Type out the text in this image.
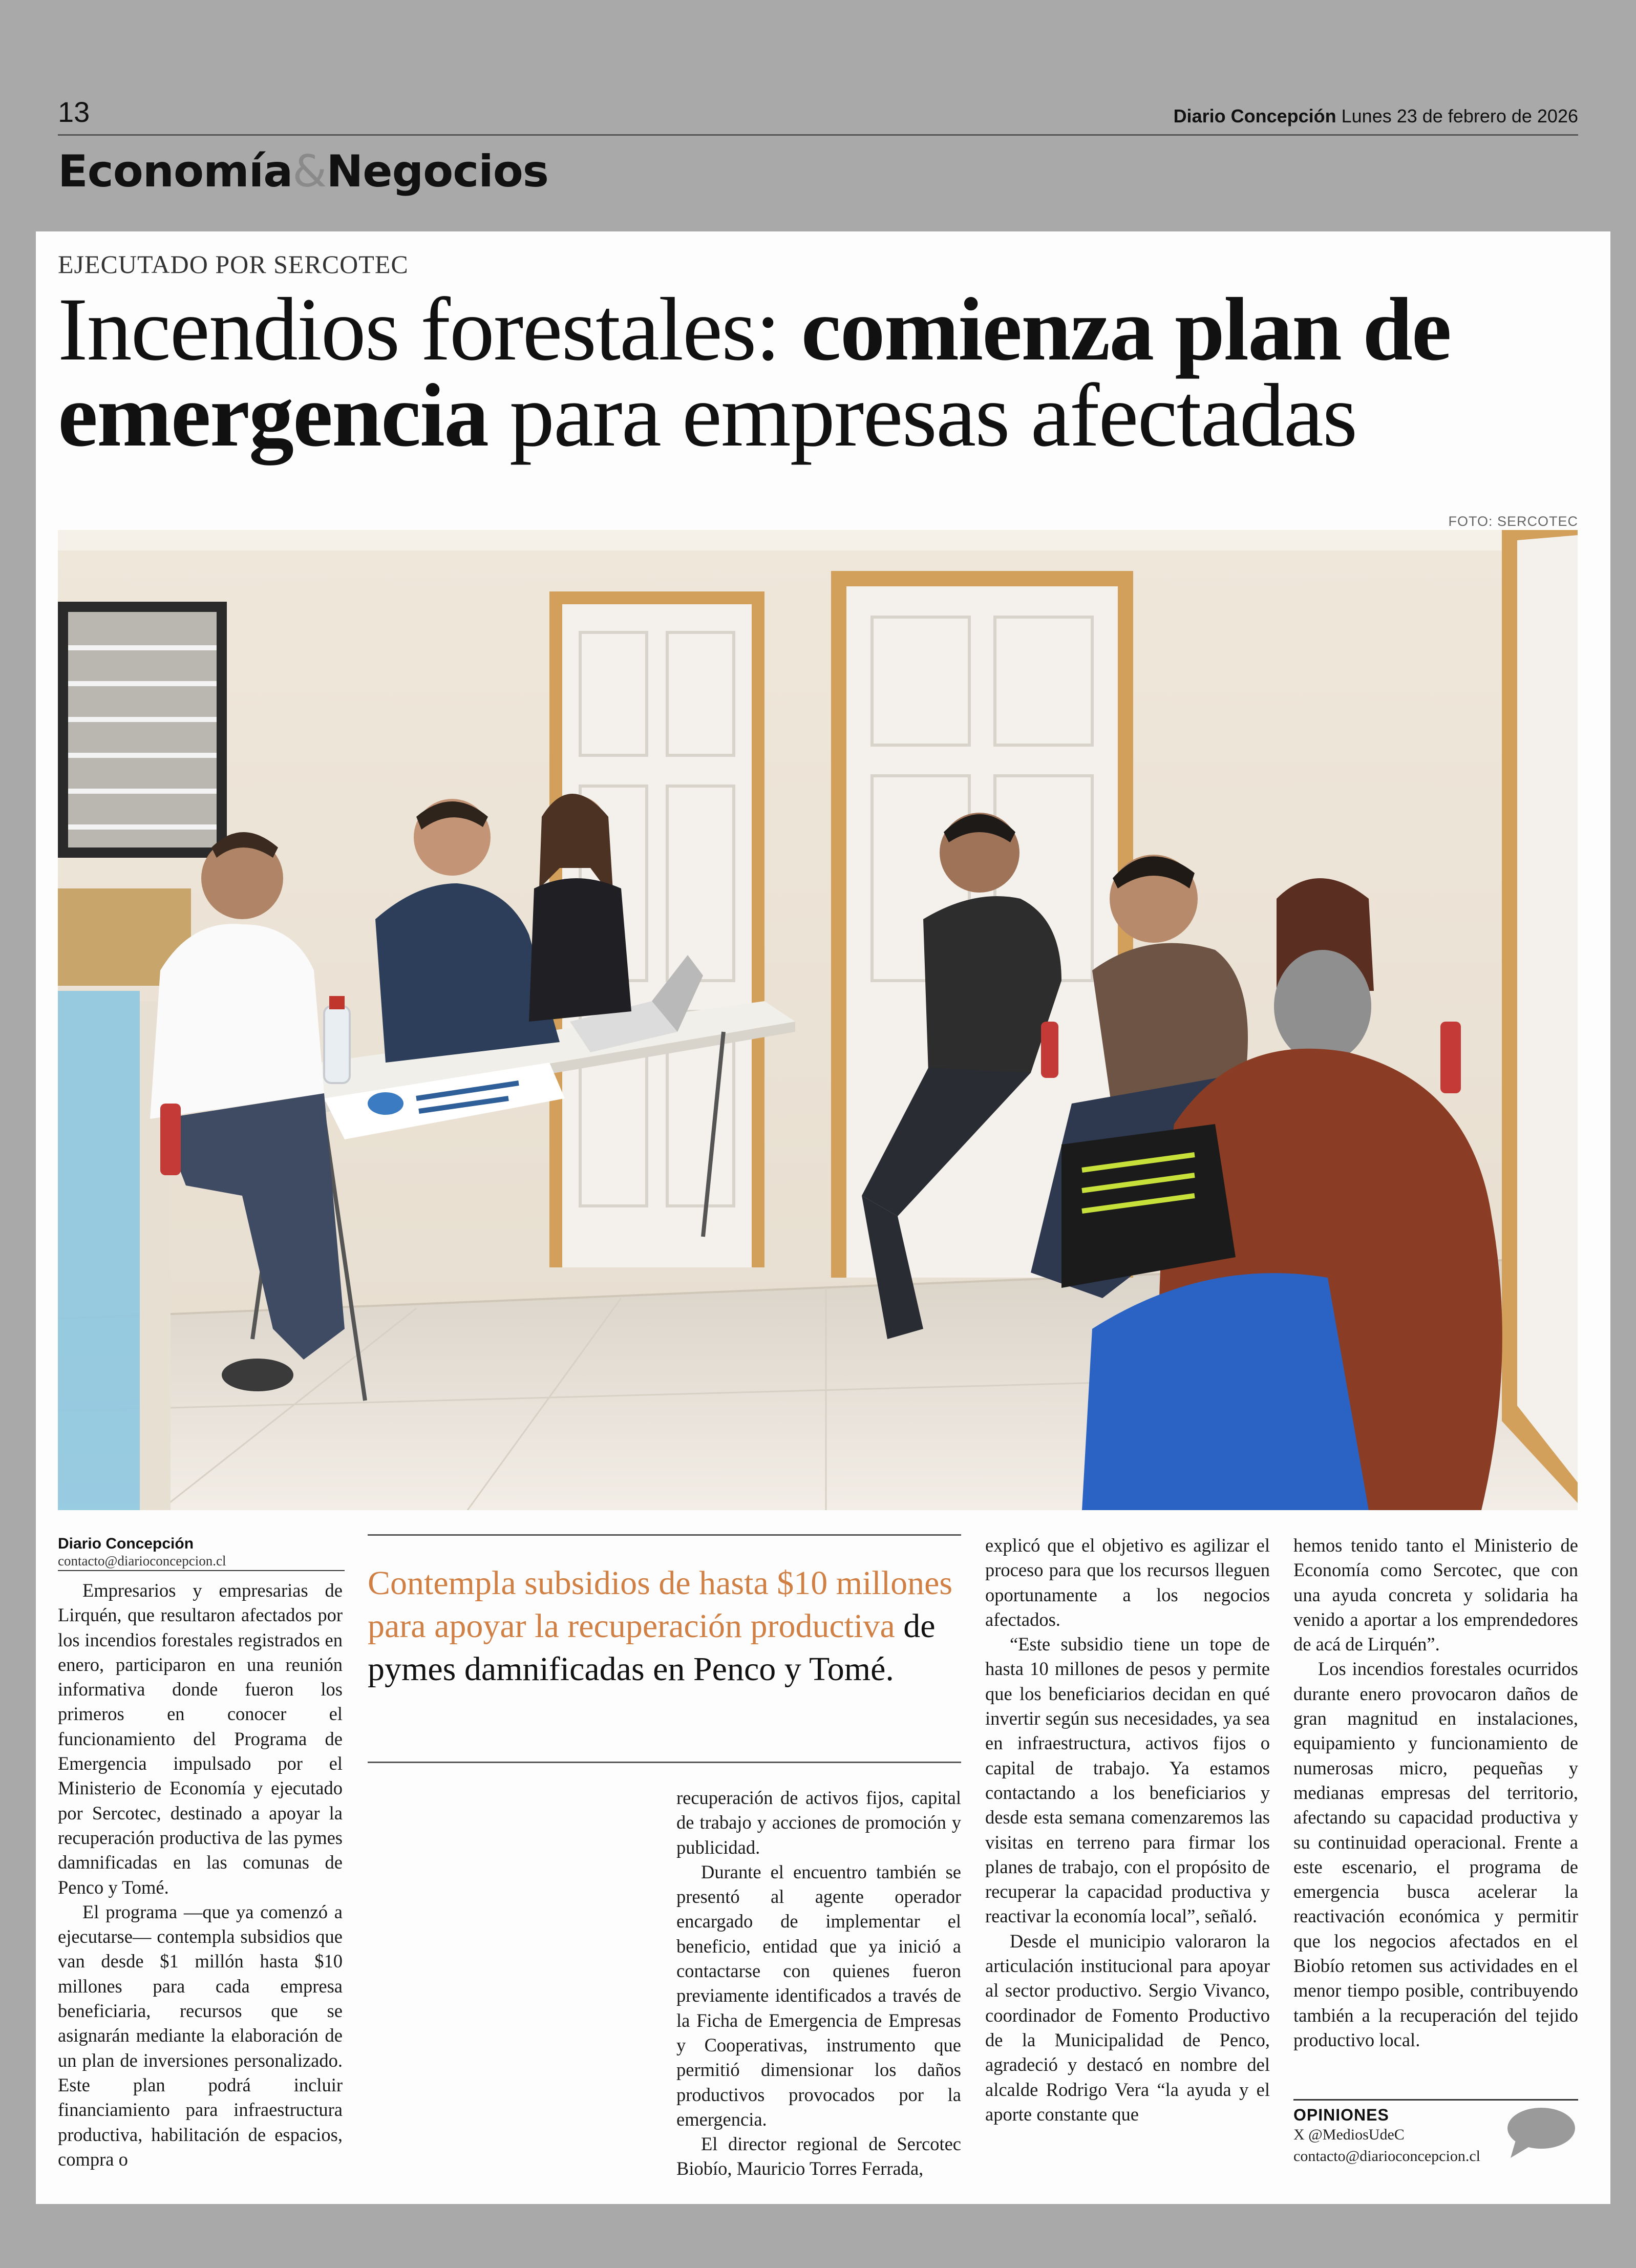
13	Diario Concepción Lunes 23 de febrero de 2026
Economía&Negocios
EJECUTADO POR SERCOTEC
Incendios forestales: comienza plan de emergencia para empresas afectadas
FOTO: SERCOTEC
Diario Concepción
contacto@diarioconcepcion.cl

Empresarios y empresarias de Lirquén, que resultaron afectados por los incendios forestales registrados en enero, participaron en una reunión informativa donde fueron los primeros en conocer el funcionamiento del Programa de Emergencia impulsado por el Ministerio de Economía y ejecutado por Sercotec, destinado a apoyar la recuperación productiva de las pymes damnificadas en las comunas de Penco y Tomé.

El programa —que ya comenzó a ejecutarse— contempla subsidios que van desde $1 millón hasta $10 millones para cada empresa beneficiaria, recursos que se asignarán mediante la elaboración de un plan de inversiones personalizado. Este plan podrá incluir financiamiento para infraestructura productiva, habilitación de espacios, compra o

Contempla subsidios de hasta $10 millones para apoyar la recuperación productiva de pymes damnificadas en Penco y Tomé.

recuperación de activos fijos, capital de trabajo y acciones de promoción y publicidad.

Durante el encuentro también se presentó al agente operador encargado de implementar el beneficio, entidad que ya inició a contactarse con quienes fueron previamente identificados a través de la Ficha de Emergencia de Empresas y Cooperativas, instrumento que permitió dimensionar los daños productivos provocados por la emergencia.

El director regional de Sercotec Biobío, Mauricio Torres Ferrada,

explicó que el objetivo es agilizar el proceso para que los recursos lleguen oportunamente a los negocios afectados.

“Este subsidio tiene un tope de hasta 10 millones de pesos y permite que los beneficiarios decidan en qué invertir según sus necesidades, ya sea en infraestructura, activos fijos o capital de trabajo. Ya estamos contactando a los beneficiarios y desde esta semana comenzaremos las visitas en terreno para firmar los planes de trabajo, con el propósito de recuperar la capacidad productiva y reactivar la economía local”, señaló.

Desde el municipio valoraron la articulación institucional para apoyar al sector productivo. Sergio Vivanco, coordinador de Fomento Productivo de la Municipalidad de Penco, agradeció y destacó en nombre del alcalde Rodrigo Vera “la ayuda y el aporte constante que

hemos tenido tanto el Ministerio de Economía como Sercotec, que con una ayuda concreta y solidaria ha venido a aportar a los emprendedores de acá de Lirquén”.

Los incendios forestales ocurridos durante enero provocaron daños de gran magnitud en instalaciones, equipamiento y funcionamiento de numerosas micro, pequeñas y medianas empresas del territorio, afectando su capacidad productiva y su continuidad operacional. Frente a este escenario, el programa de emergencia busca acelerar la reactivación económica y permitir que los negocios afectados en el Biobío retomen sus actividades en el menor tiempo posible, contribuyendo también a la recuperación del tejido productivo local.

OPINIONES
X @MediosUdeC
contacto@diarioconcepcion.cl
